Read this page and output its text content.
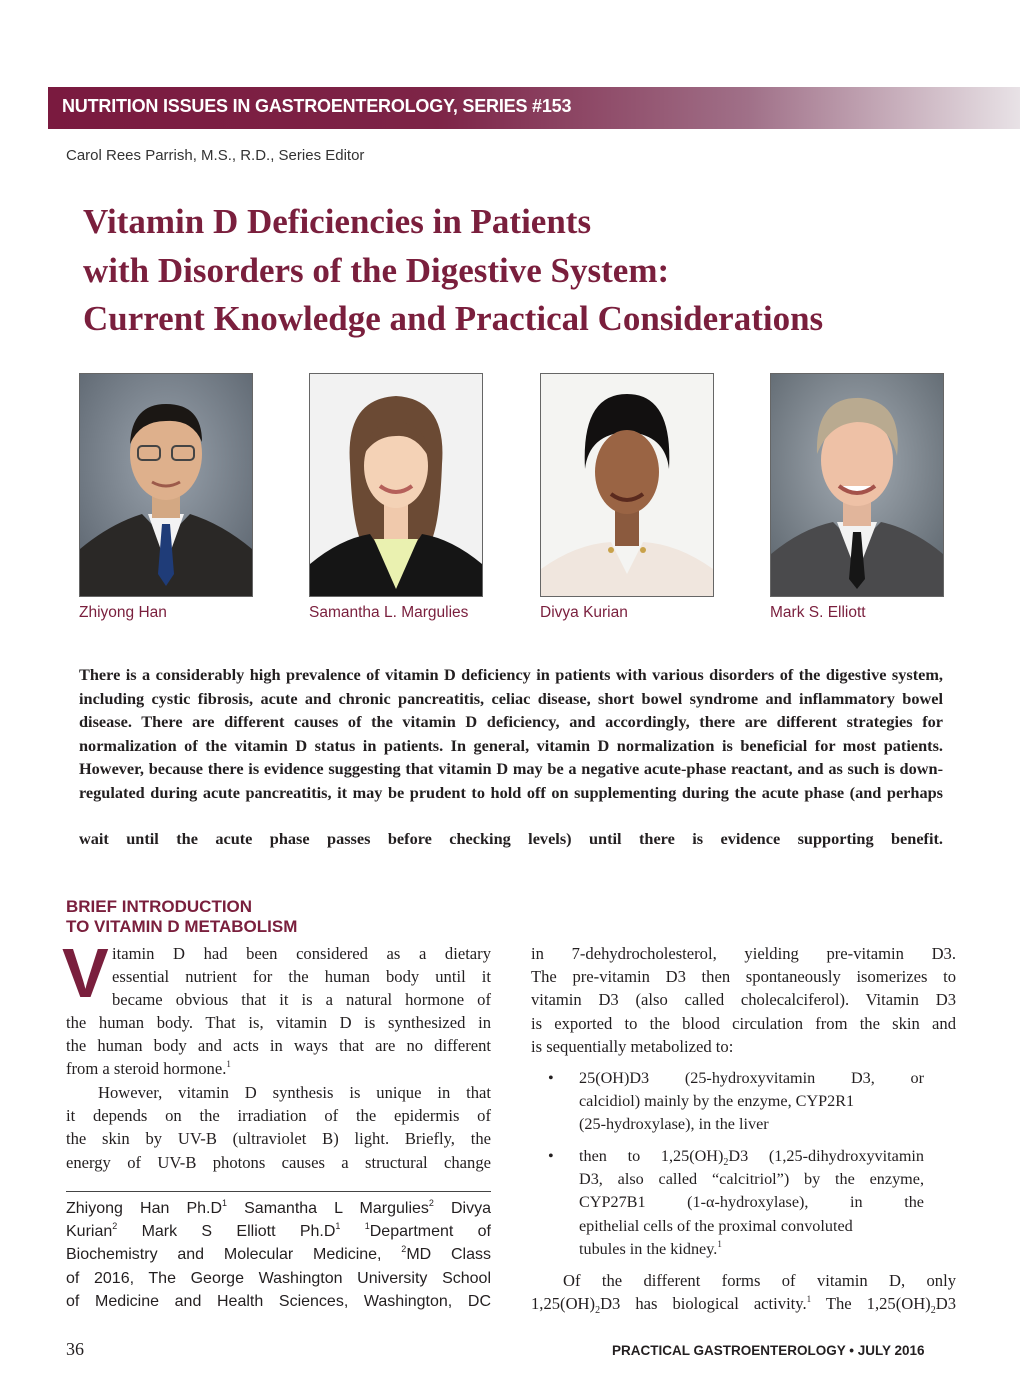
NUTRITION ISSUES IN GASTROENTEROLOGY, SERIES #153
Carol Rees Parrish, M.S., R.D., Series Editor
Vitamin D Deficiencies in Patients
with Disorders of the Digestive System:
Current Knowledge and Practical Considerations
Zhiyong Han	Samantha L. Margulies	Divya Kurian	Mark S. Elliott
There is a considerably high prevalence of vitamin D deficiency in patients with various disorders of the digestive system, including cystic fibrosis, acute and chronic pancreatitis, celiac disease, short bowel syndrome and inflammatory bowel disease. There are different causes of the vitamin D deficiency, and accordingly, there are different strategies for normalization of the vitamin D status in patients. In general, vitamin D normalization is beneficial for most patients. However, because there is evidence suggesting that vitamin D may be a negative acute-phase reactant, and as such is down-regulated during acute pancreatitis, it may be prudent to hold off on supplementing during the acute phase (and perhaps
wait until the acute phase passes before checking levels) until there is evidence supporting benefit.
BRIEF INTRODUCTION
TO VITAMIN D METABOLISM
V itamin D had been considered as a dietary
essential nutrient for the human body until it
became obvious that it is a natural hormone of
the human body. That is, vitamin D is synthesized in
the human body and acts in ways that are no different
from a steroid hormone.$^1$
However, vitamin D synthesis is unique in that
it depends on the irradiation of the epidermis of
the skin by UV-B (ultraviolet B) light. Briefly, the
energy of UV-B photons causes a structural change
Zhiyong Han $Ph.D^1$ Samantha L Margulies$^2$ Divya
Kurian$^2$ Mark S Elliott $Ph.D^1$	$^1$Department of
Biochemistry and Molecular Medicine, $^2$MD Class
of 2016, The George Washington University School
of Medicine and Health Sciences, Washington, DC
in 7-dehydrocholesterol, yielding pre-vitamin D3.
The pre-vitamin D3 then spontaneously isomerizes to
vitamin D3 (also called cholecalciferol). Vitamin D3
is exported to the blood circulation from the skin and
is sequentially metabolized to:
• 25(OH)D3 (25-hydroxyvitamin D3, or
calcidiol) mainly by the enzyme, CYP2R1
(25-hydroxylase), in the liver
• then to $1,25(OH)_2D3$ (1,25-dihydroxyvitamin
D3, also called “calcitriol”) by the enzyme,
CYP27B1 (1-α-hydroxylase), in the
epithelial cells of the proximal convoluted
tubules in the kidney.$^1$
Of the different forms of vitamin D, only
$1,25(OH)_2D3$ has biological activity.$^1$ The $1,25(OH)_2D3$
36	PRACTICAL GASTROENTEROLOGY • JULY 2016
